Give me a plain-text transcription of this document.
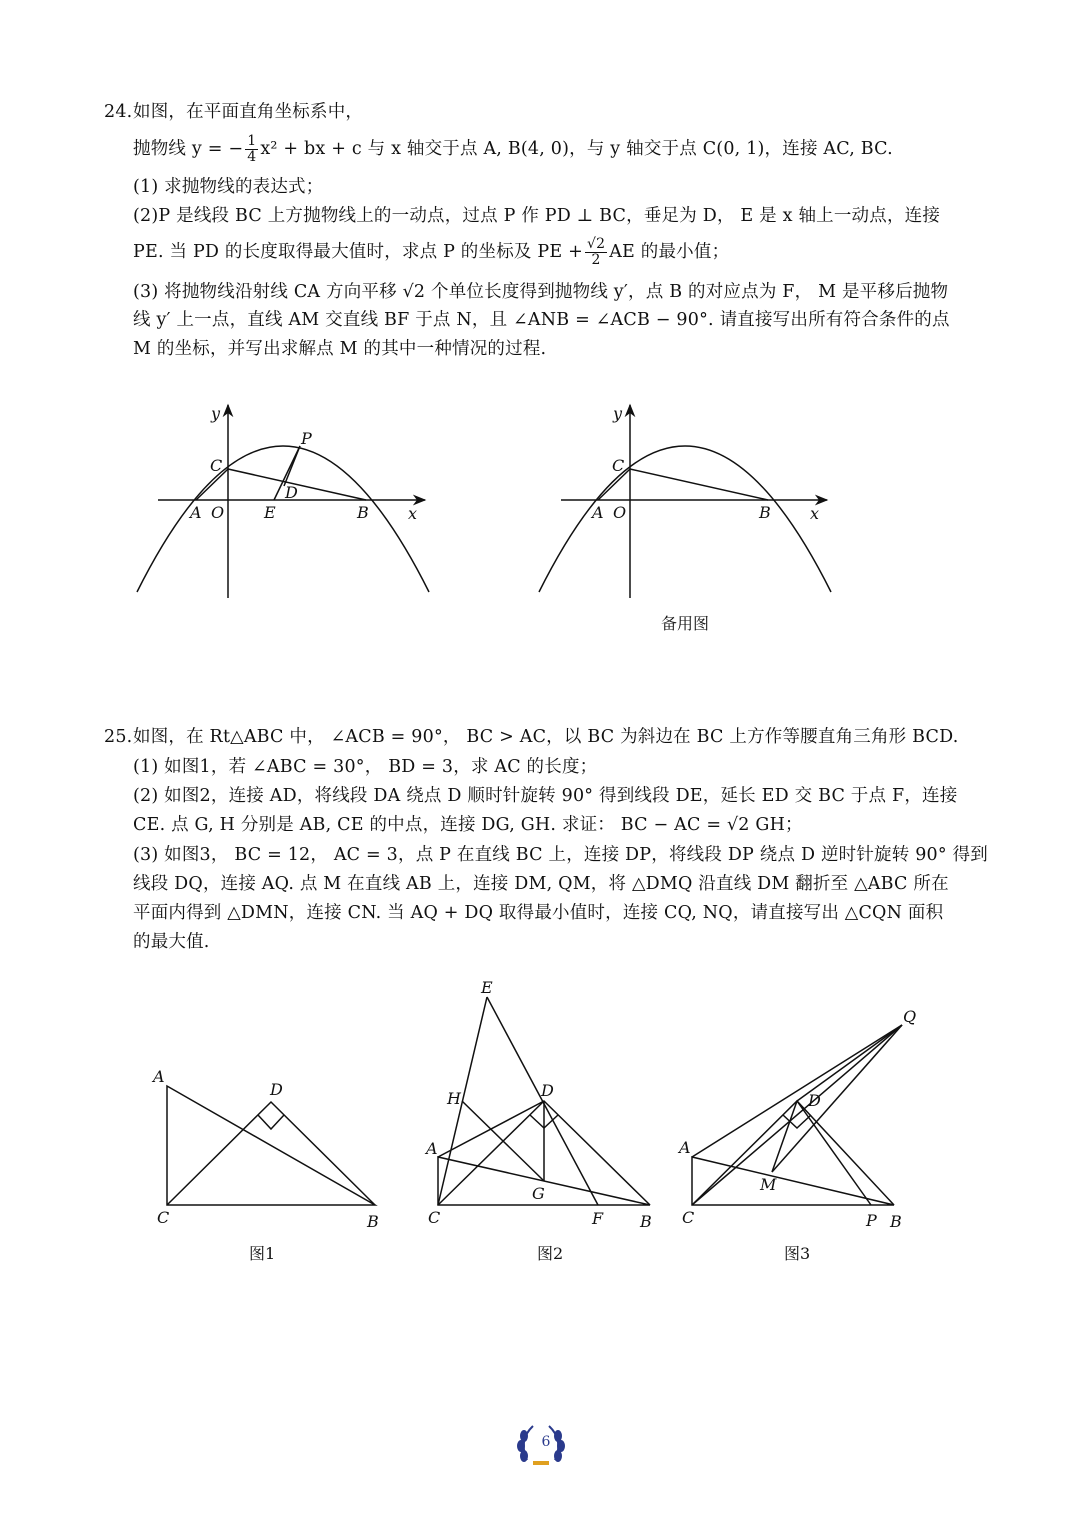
24. 如图，在平面直角坐标系中，
抛物线 y = − $\frac{1}{4} x^2$ + bx + c 与 x 轴交于点 A, B(4, 0)，与 y 轴交于点 C(0, 1)，连接 AC, BC.
(1) 求抛物线的表达式；
(2)P 是线段 BC 上方抛物线上的一动点，过点 P 作 PD ⊥ BC，垂足为 D， E 是 x 轴上一动点，连接
PE. 当 PD 的长度取得最大值时，求点 P 的坐标及 PE + $\frac{√2}{2}$ AE 的最小值；
(3) 将抛物线沿射线 CA 方向平移 √2 个单位长度得到抛物线 y′，点 B 的对应点为 F， M 是平移后抛物
线 y′ 上一点，直线 AM 交直线 BF 于点 N，且 ∠ANB = ∠ACB − 90°. 请直接写出所有符合条件的点
M 的坐标，并写出求解点 M 的其中一种情况的过程.
y
x
C
P
D
A O E	B
y
x
C
A O	B
备用图
A
D
C	B
图1
E
H	D
A
G
C	F B
图2
Q
D
A
M
C	P B
图3
25. 如图，在 Rt△ABC 中， ∠ACB = 90°， BC > AC，以 BC 为斜边在 BC 上方作等腰直角三角形 BCD.
(1) 如图1，若 ∠ABC = 30°， BD = 3，求 AC 的长度；
(2) 如图2，连接 AD，将线段 DA 绕点 D 顺时针旋转 90° 得到线段 DE，延长 ED 交 BC 于点 F，连接
CE. 点 G, H 分别是 AB, CE 的中点，连接 DG, GH. 求证： BC − AC = √2 GH；
(3) 如图3， BC = 12， AC = 3，点 P 在直线 BC 上，连接 DP，将线段 DP 绕点 D 逆时针旋转 90° 得到
线段 DQ，连接 AQ. 点 M 在直线 AB 上，连接 DM, QM，将 △DMQ 沿直线 DM 翻折至 △ABC 所在
平面内得到 △DMN，连接 CN. 当 AQ + DQ 取得最小值时，连接 CQ, NQ，请直接写出 △CQN 面积
的最大值.
6
